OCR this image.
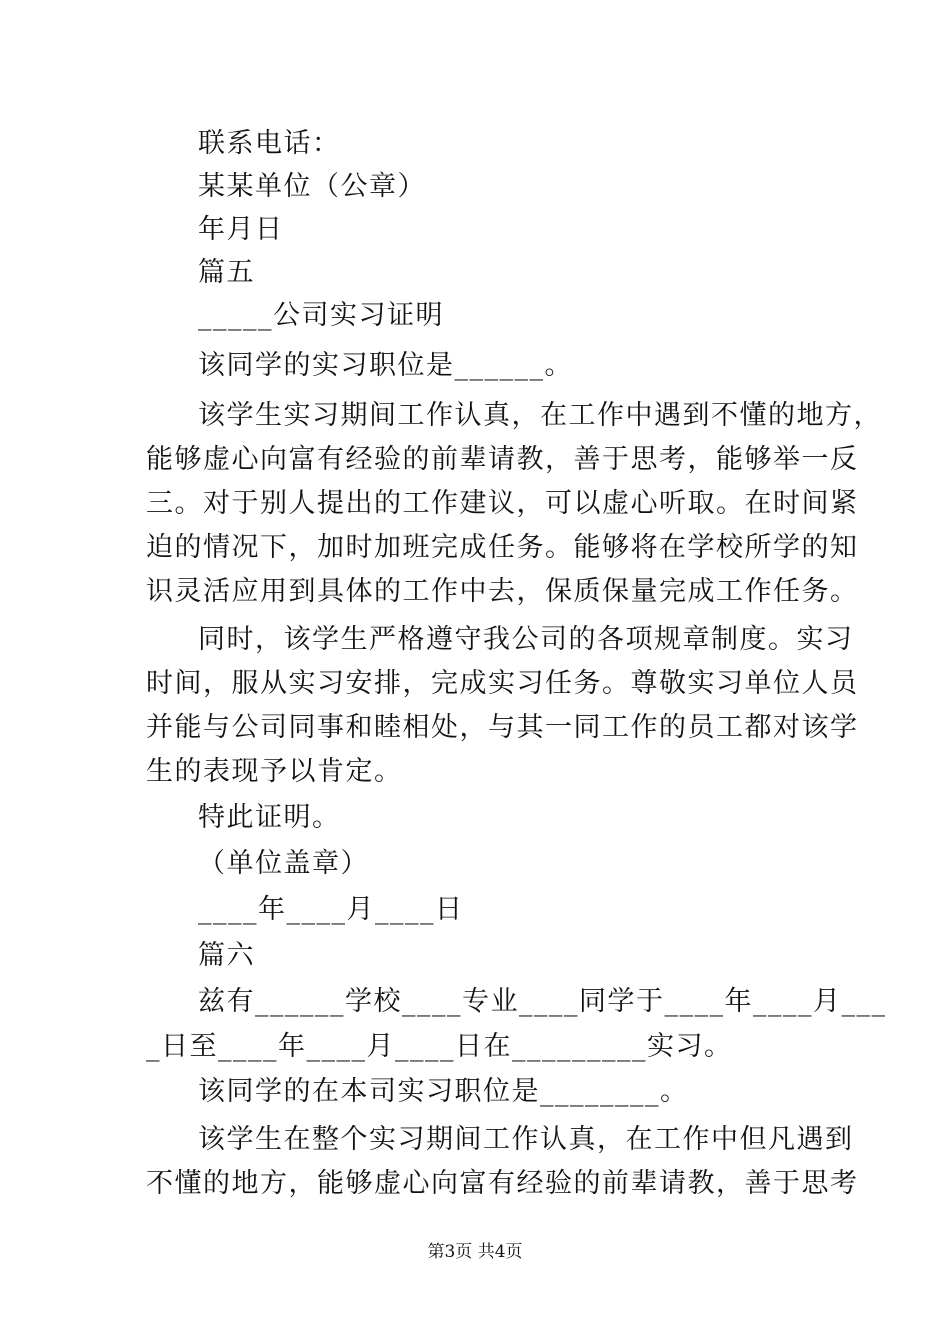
联系电话：
某某单位（公章）
年月日
篇五
_____公司实习证明
该同学的实习职位是______。
该学生实习期间工作认真，在工作中遇到不懂的地方，
能够虚心向富有经验的前辈请教，善于思考，能够举一反
三。对于别人提出的工作建议，可以虚心听取。在时间紧
迫的情况下，加时加班完成任务。能够将在学校所学的知
识灵活应用到具体的工作中去，保质保量完成工作任务。
同时，该学生严格遵守我公司的各项规章制度。实习
时间，服从实习安排，完成实习任务。尊敬实习单位人员
并能与公司同事和睦相处，与其一同工作的员工都对该学
生的表现予以肯定。
特此证明。
（单位盖章）
____年____月____日
篇六
兹有______学校____专业____同学于____年____月___
_日至____年____月____日在_________实习。
该同学的在本司实习职位是________。
该学生在整个实习期间工作认真，在工作中但凡遇到
不懂的地方，能够虚心向富有经验的前辈请教，善于思考
第3页 共4页
